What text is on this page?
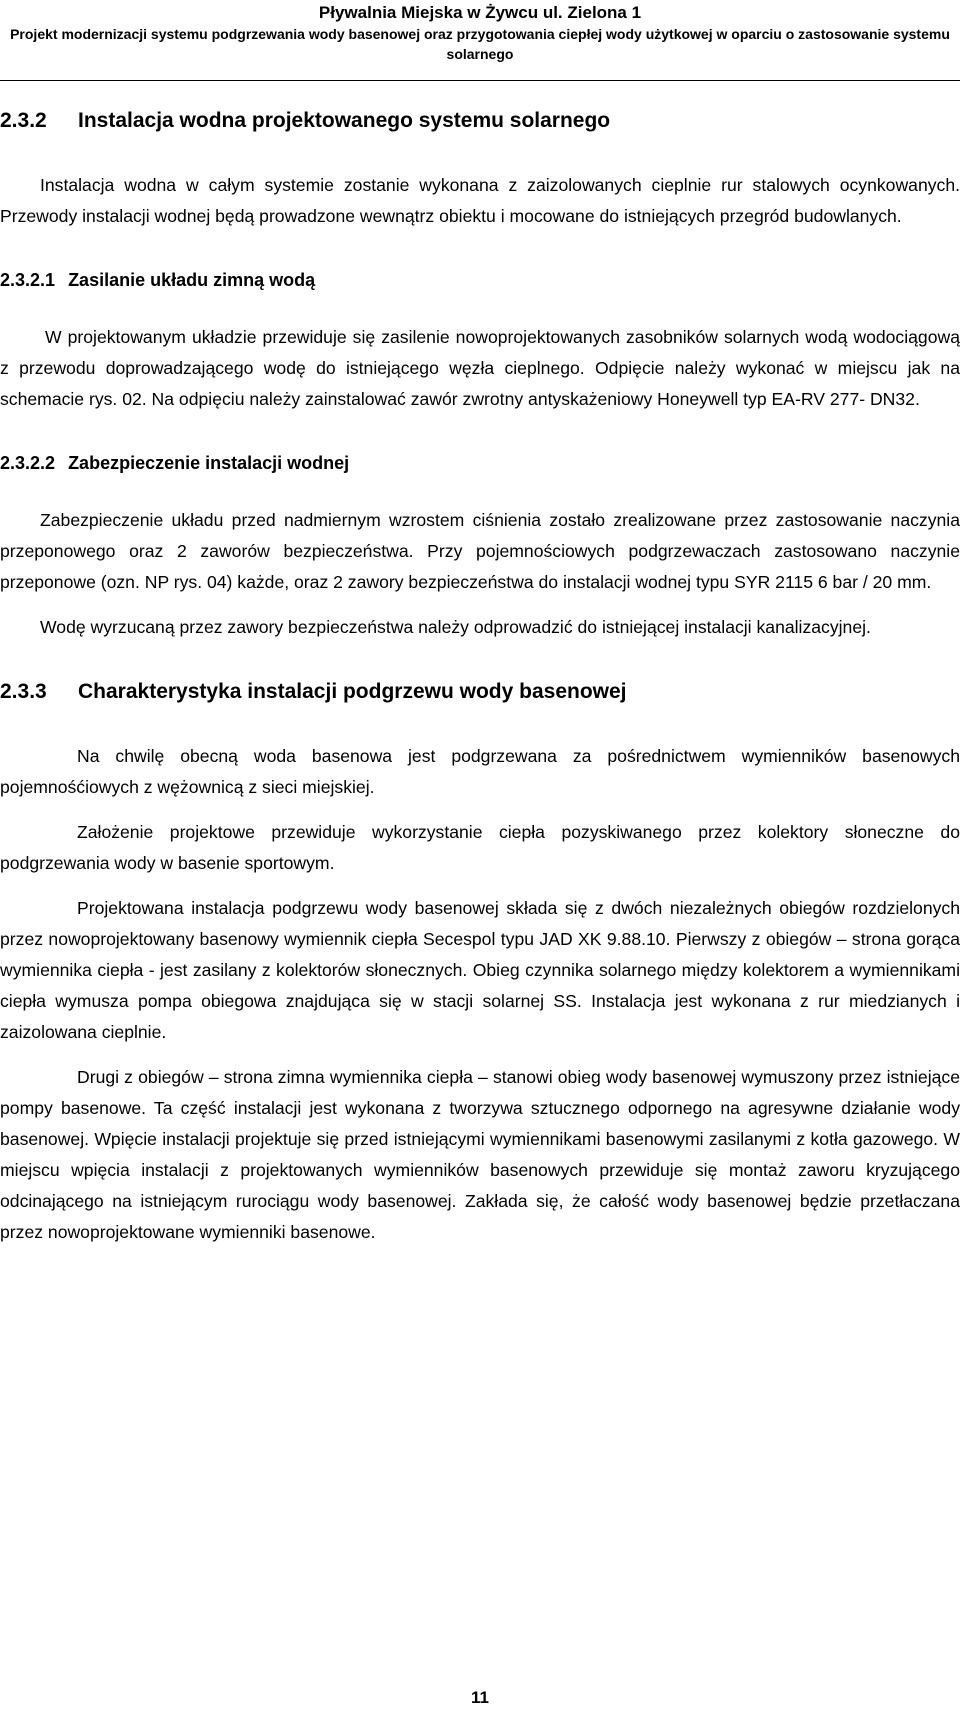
Pływalnia Miejska w Żywcu ul. Zielona 1
Projekt modernizacji systemu podgrzewania wody basenowej oraz przygotowania ciepłej wody użytkowej w oparciu o zastosowanie systemu solarnego
2.3.2	Instalacja wodna projektowanego systemu solarnego

Instalacja wodna w całym systemie zostanie wykonana z zaizolowanych cieplnie rur stalowych ocynkowanych. Przewody instalacji wodnej będą prowadzone wewnątrz obiektu i mocowane do istniejących przegród budowlanych.

2.3.2.1 Zasilanie układu zimną wodą

W projektowanym układzie przewiduje się zasilenie nowoprojektowanych zasobników solarnych wodą wodociągową z przewodu doprowadzającego wodę do istniejącego węzła cieplnego. Odpięcie należy wykonać w miejscu jak na schemacie rys. 02. Na odpięciu należy zainstalować zawór zwrotny antyskażeniowy Honeywell typ EA-RV 277- DN32.

2.3.2.2 Zabezpieczenie instalacji wodnej

Zabezpieczenie układu przed nadmiernym wzrostem ciśnienia zostało zrealizowane przez zastosowanie naczynia przeponowego oraz 2 zaworów bezpieczeństwa. Przy pojemnościowych podgrzewaczach zastosowano naczynie przeponowe (ozn. NP rys. 04) każde, oraz 2 zawory bezpieczeństwa do instalacji wodnej typu SYR 2115 6 bar / 20 mm.

Wodę wyrzucaną przez zawory bezpieczeństwa należy odprowadzić do istniejącej instalacji kanalizacyjnej.

2.3.3	Charakterystyka instalacji podgrzewu wody basenowej

Na chwilę obecną woda basenowa jest podgrzewana za pośrednictwem wymienników basenowych pojemnośćiowych z wężownicą z sieci miejskiej.

Założenie projektowe przewiduje wykorzystanie ciepła pozyskiwanego przez kolektory słoneczne do podgrzewania wody w basenie sportowym.

Projektowana instalacja podgrzewu wody basenowej składa się z dwóch niezależnych obiegów rozdzielonych przez nowoprojektowany basenowy wymiennik ciepła Secespol typu JAD XK 9.88.10. Pierwszy z obiegów – strona gorąca wymiennika ciepła - jest zasilany z kolektorów słonecznych. Obieg czynnika solarnego między kolektorem a wymiennikami ciepła wymusza pompa obiegowa znajdująca się w stacji solarnej SS. Instalacja jest wykonana z rur miedzianych i zaizolowana cieplnie.

Drugi z obiegów – strona zimna wymiennika ciepła – stanowi obieg wody basenowej wymuszony przez istniejące pompy basenowe. Ta część instalacji jest wykonana z tworzywa sztucznego odpornego na agresywne działanie wody basenowej. Wpięcie instalacji projektuje się przed istniejącymi wymiennikami basenowymi zasilanymi z kotła gazowego. W miejscu wpięcia instalacji z projektowanych wymienników basenowych przewiduje się montaż zaworu kryzującego odcinającego na istniejącym rurociągu wody basenowej. Zakłada się, że całość wody basenowej będzie przetłaczana przez nowoprojektowane wymienniki basenowe.

11
